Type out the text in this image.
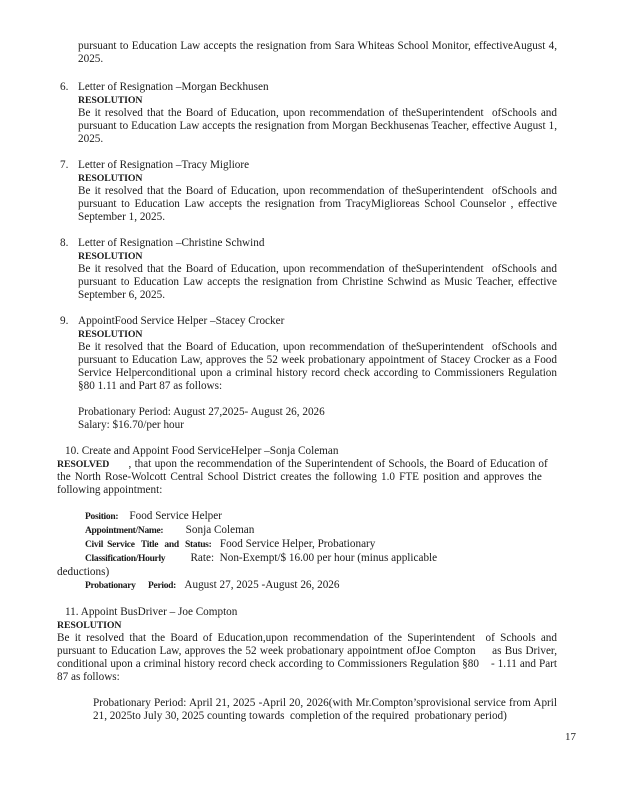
pursuant to Education Law accepts the resignation from Sara Whiteas School Monitor, effectiveAugust 4, 2025.

6. Letter of Resignation –Morgan Beckhusen
RESOLUTION

Be it resolved that the Board of Education, upon recommendation of theSuperintendent  ofSchools and pursuant to Education Law accepts the resignation from Morgan Beckhusenas Teacher, effective August 1, 2025.

7. Letter of Resignation –Tracy Migliore
RESOLUTION

Be it resolved that the Board of Education, upon recommendation of theSuperintendent  ofSchools and pursuant to Education Law accepts the resignation from TracyMiglioreas School Counselor , effective September 1, 2025.

8. Letter of Resignation –Christine Schwind
RESOLUTION

Be it resolved that the Board of Education, upon recommendation of theSuperintendent  ofSchools and pursuant to Education Law accepts the resignation from Christine Schwind as Music Teacher, effective September 6, 2025.

9. AppointFood Service Helper –Stacey Crocker
RESOLUTION

Be it resolved that the Board of Education, upon recommendation of theSuperintendent  ofSchools and pursuant to Education Law, approves the 52 week probationary appointment of Stacey Crocker as a Food Service Helperconditional upon a criminal history record check according to Commissioners Regulation §80 1.11 and Part 87 as follows:

Probationary Period: August 27,2025- August 26, 2026
Salary: $16.70/per hour
10. Create and Appoint Food ServiceHelper –Sonja Coleman

RESOLVED      , that upon the recommendation of the Superintendent of Schools, the Board of Education of    the North Rose-Wolcott Central School District creates the following 1.0 FTE position and approves the     following appointment:

Position:    Food Service Helper
Appointment/Name:        Sonja Coleman
Civil  Service   Title   and   Status:   Food Service Helper, Probationary
Classification/Hourly         Rate:  Non-Exempt/$ 16.00 per hour (minus applicable
deductions)
Probationary      Period:   August 27, 2025 -August 26, 2026
11. Appoint BusDriver – Joe Compton
RESOLUTION

Be it resolved that the Board of Education,upon recommendation of the Superintendent  of Schools and pursuant to Education Law, approves the 52 week probationary appointment ofJoe Compton     as Bus Driver, conditional upon a criminal history record check according to Commissioners Regulation §80    - 1.11 and Part 87 as follows:

Probationary Period: April 21, 2025 -April 20, 2026(with Mr.Compton’sprovisional service from April 21, 2025to July 30, 2025 counting towards  completion of the required  probationary period)

17
